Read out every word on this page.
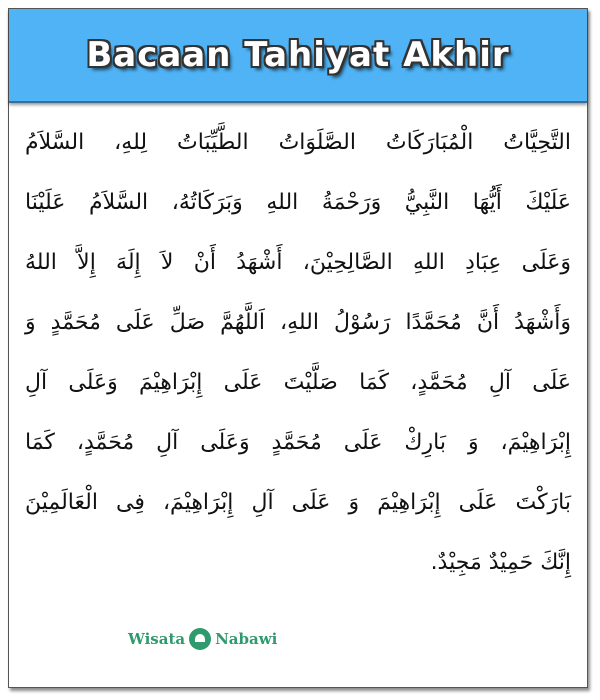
Bacaan Tahiyat Akhir
التَّحِيَّاتُ الْمُبَارَكَاتُ الصَّلَوَاتُ الطَّيِّبَاتُ لِلهِ، السَّلاَمُ
عَلَيْكَ أَيُّهَا النَّبِيُّ وَرَحْمَةُ اللهِ وَبَرَكَاتُهُ، السَّلاَمُ عَلَيْنَا
وَعَلَى عِبَادِ اللهِ الصَّالِحِيْنَ، أَشْهَدُ أَنْ لاَ إِلَهَ إِلاَّ اللهُ
وَأَشْهَدُ أَنَّ مُحَمَّدًا رَسُوْلُ اللهِ، اَللَّهُمَّ صَلِّ عَلَى مُحَمَّدٍ وَ
عَلَى آلِ مُحَمَّدٍ، كَمَا صَلَّيْتَ عَلَى إِبْرَاهِيْمَ وَعَلَى آلِ
إِبْرَاهِيْمَ، وَ بَارِكْ عَلَى مُحَمَّدٍ وَعَلَى آلِ مُحَمَّدٍ، كَمَا
بَارَكْتَ عَلَى إِبْرَاهِيْمَ وَ عَلَى آلِ إِبْرَاهِيْمَ، فِى الْعَالَمِيْنَ
إِنَّكَ حَمِيْدٌ مَجِيْدٌ.
Wisata Nabawi
